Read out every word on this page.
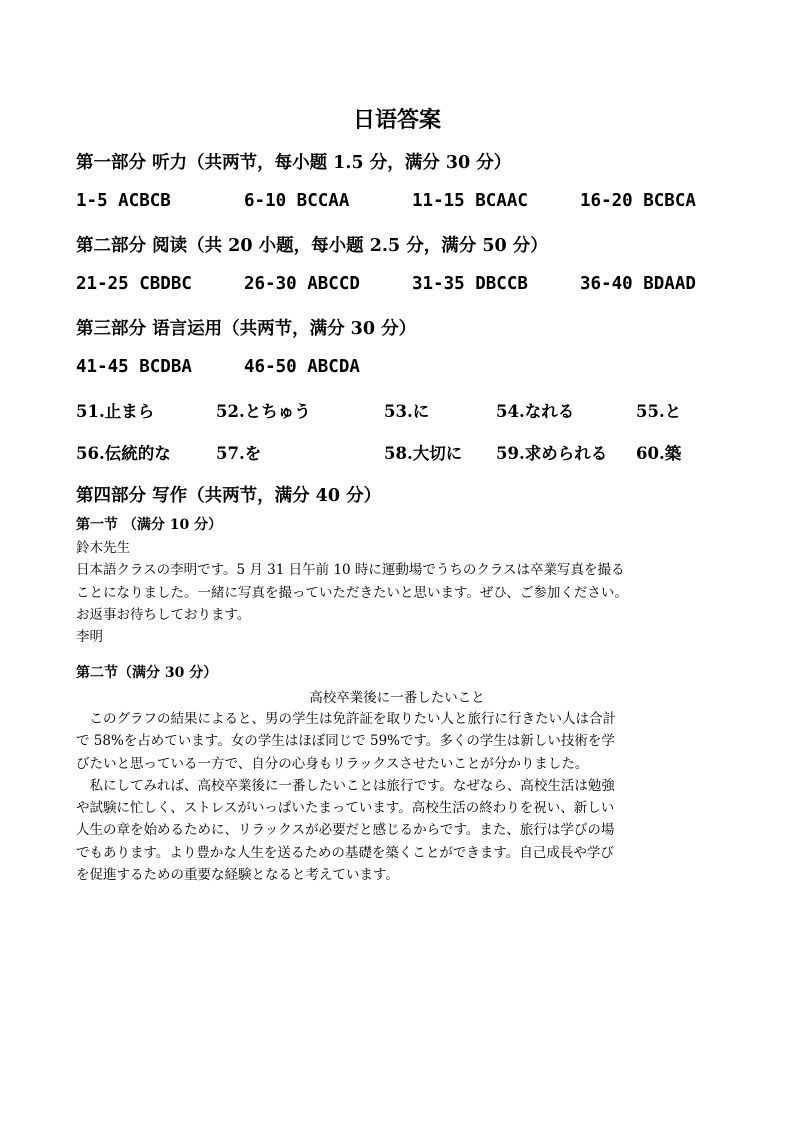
日语答案
第一部分 听力（共两节，每小题 1.5 分，满分 30 分）
1-5 ACBCB	6-10 BCCAA	11-15 BCAAC	16-20 BCBCA
第二部分 阅读（共 20 小题，每小题 2.5 分，满分 50 分）
21-25 CBDBC	26-30 ABCCD	31-35 DBCCB	36-40 BDAAD
第三部分 语言运用（共两节，满分 30 分）
41-45 BCDBA	46-50 ABCDA
51.止まら	52.とちゅう	53.に	54.なれる	55.と
56.伝統的な	57.を	58.大切に 59.求められる 60.築
第四部分 写作（共两节，满分 40 分）
第一节 （满分 10 分）

鈴木先生

日本語クラスの李明です。5 月 31 日午前 10 時に運動場でうちのクラスは卒業写真を撮る

ことになりました。一緒に写真を撮っていただきたいと思います。ぜひ、ご参加ください。

お返事お待ちしております。

李明

第二节（满分 30 分）
高校卒業後に一番したいこと

　このグラフの結果によると、男の学生は免許証を取りたい人と旅行に行きたい人は合計

で 58%を占めています。女の学生はほぼ同じで 59%です。多くの学生は新しい技術を学

びたいと思っている一方で、自分の心身もリラックスさせたいことが分かりました。

　私にしてみれば、高校卒業後に一番したいことは旅行です。なぜなら、高校生活は勉強

や試験に忙しく、ストレスがいっぱいたまっています。高校生活の終わりを祝い、新しい

人生の章を始めるために、リラックスが必要だと感じるからです。また、旅行は学びの場

でもあります。より豊かな人生を送るための基礎を築くことができます。自己成長や学び

を促進するための重要な経験となると考えています。
